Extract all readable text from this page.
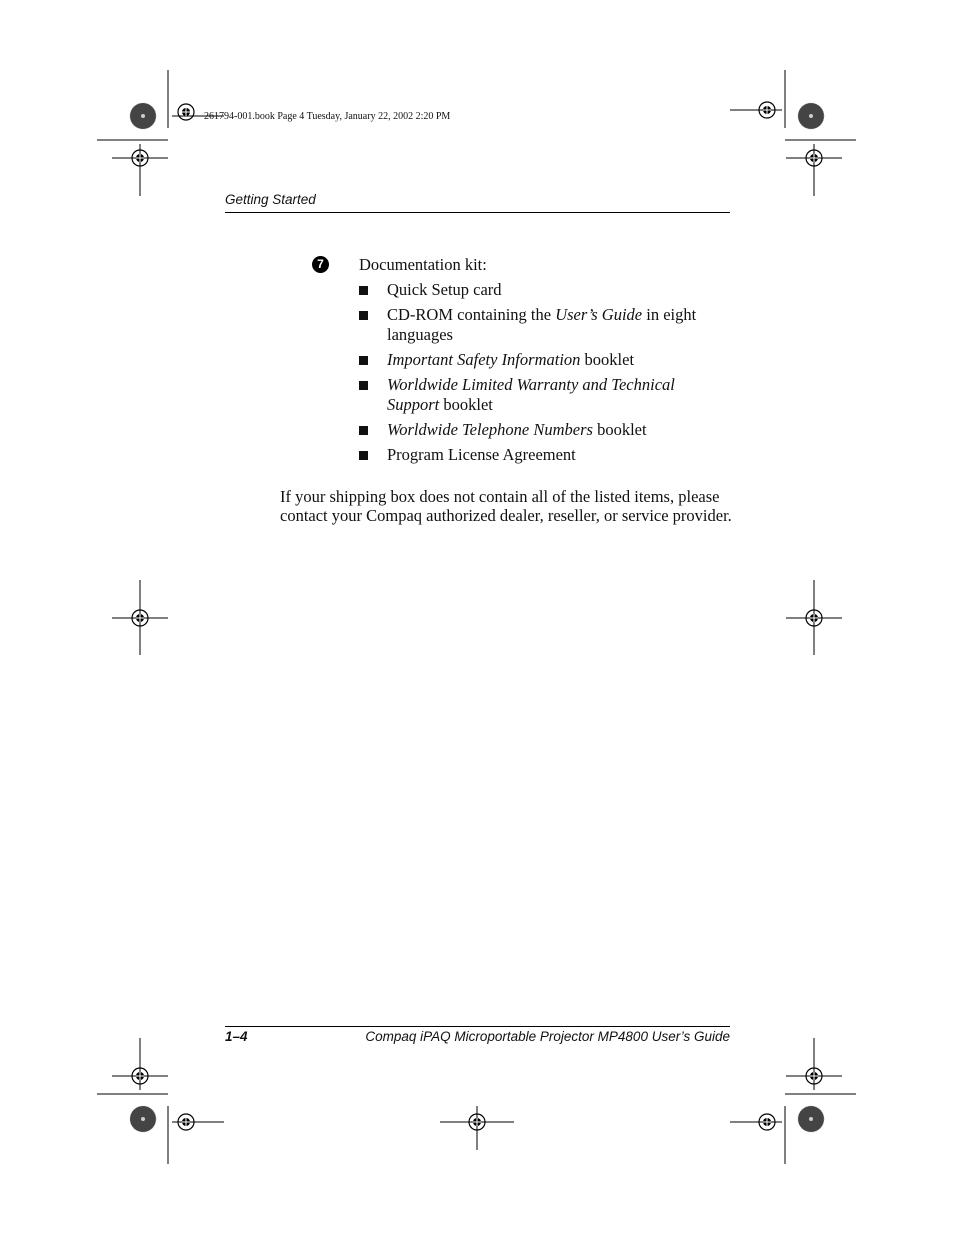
261794-001.book Page 4 Tuesday, January 22, 2002 2:20 PM
Getting Started
7	Documentation kit:
Quick Setup card
CD-ROM containing the User’s Guide in eight languages
Important Safety Information booklet
Worldwide Limited Warranty and Technical Support booklet
Worldwide Telephone Numbers booklet
Program License Agreement
If your shipping box does not contain all of the listed items, please contact your Compaq authorized dealer, reseller, or service provider.
1–4	Compaq iPAQ Microportable Projector MP4800 User’s Guide
